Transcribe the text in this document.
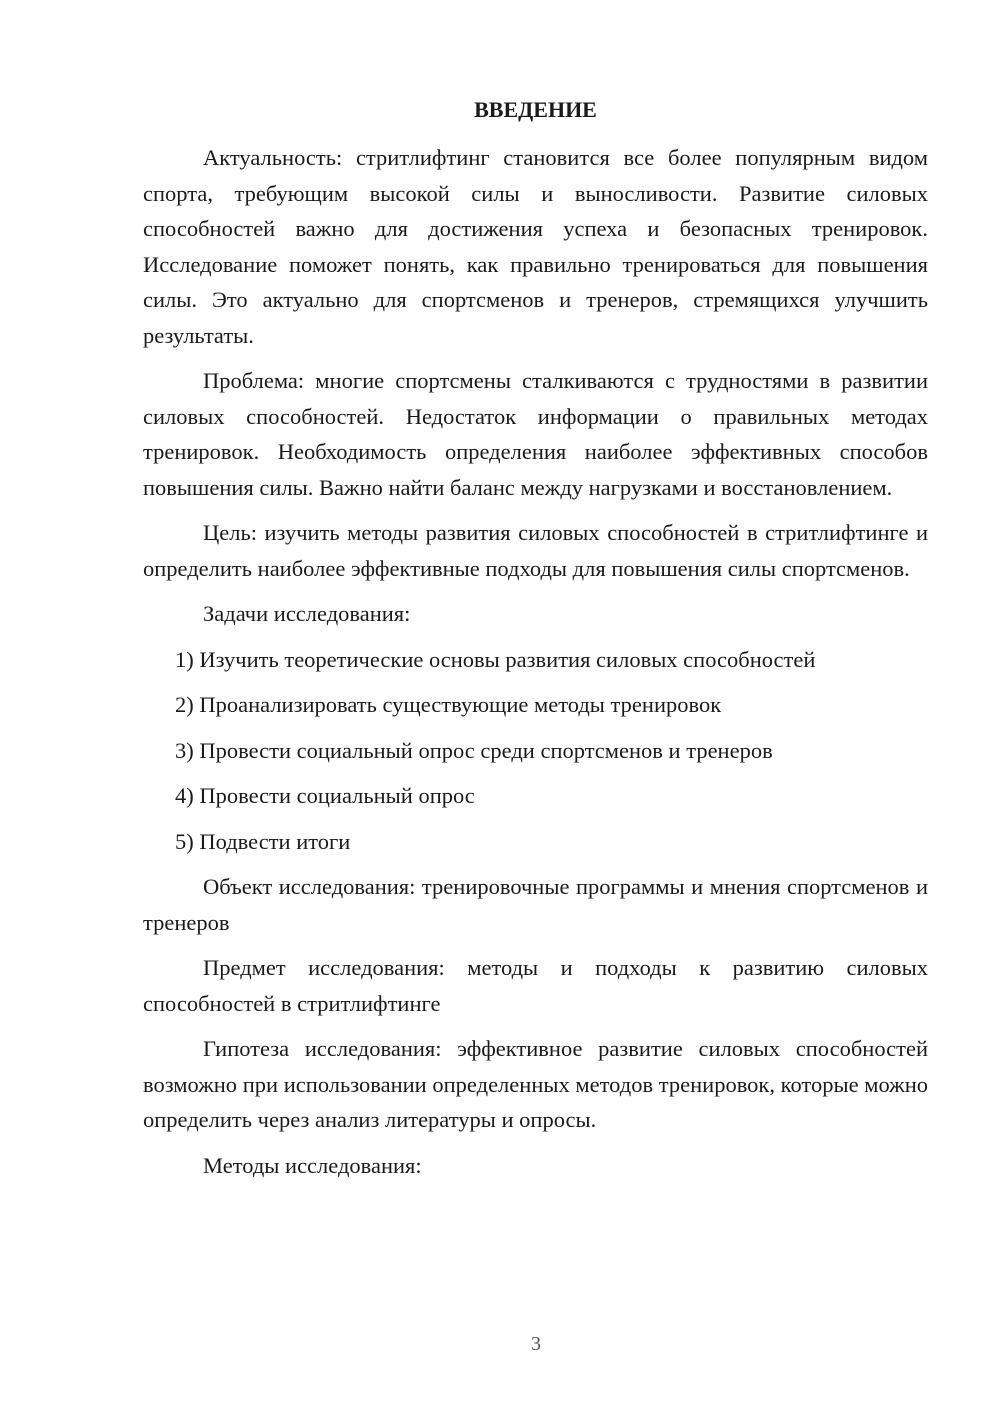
ВВЕДЕНИЕ

Актуальность: стритлифтинг становится все более популярным видом спорта, требующим высокой силы и выносливости. Развитие силовых способностей важно для достижения успеха и безопасных тренировок. Исследование поможет понять, как правильно тренироваться для повышения силы. Это актуально для спортсменов и тренеров, стремящихся улучшить результаты.

Проблема: многие спортсмены сталкиваются с трудностями в развитии силовых способностей. Недостаток информации о правильных методах тренировок. Необходимость определения наиболее эффективных способов повышения силы. Важно найти баланс между нагрузками и восстановлением.

Цель: изучить методы развития силовых способностей в стритлифтинге и определить наиболее эффективные подходы для повышения силы спортсменов.

Задачи исследования:

1) Изучить теоретические основы развития силовых способностей

2) Проанализировать существующие методы тренировок

3) Провести социальный опрос среди спортсменов и тренеров

4) Провести социальный опрос

5) Подвести итоги

Объект исследования: тренировочные программы и мнения спортсменов и тренеров

Предмет исследования: методы и подходы к развитию силовых способностей в стритлифтинге

Гипотеза исследования: эффективное развитие силовых способностей возможно при использовании определенных методов тренировок, которые можно определить через анализ литературы и опросы.

Методы исследования:

3
